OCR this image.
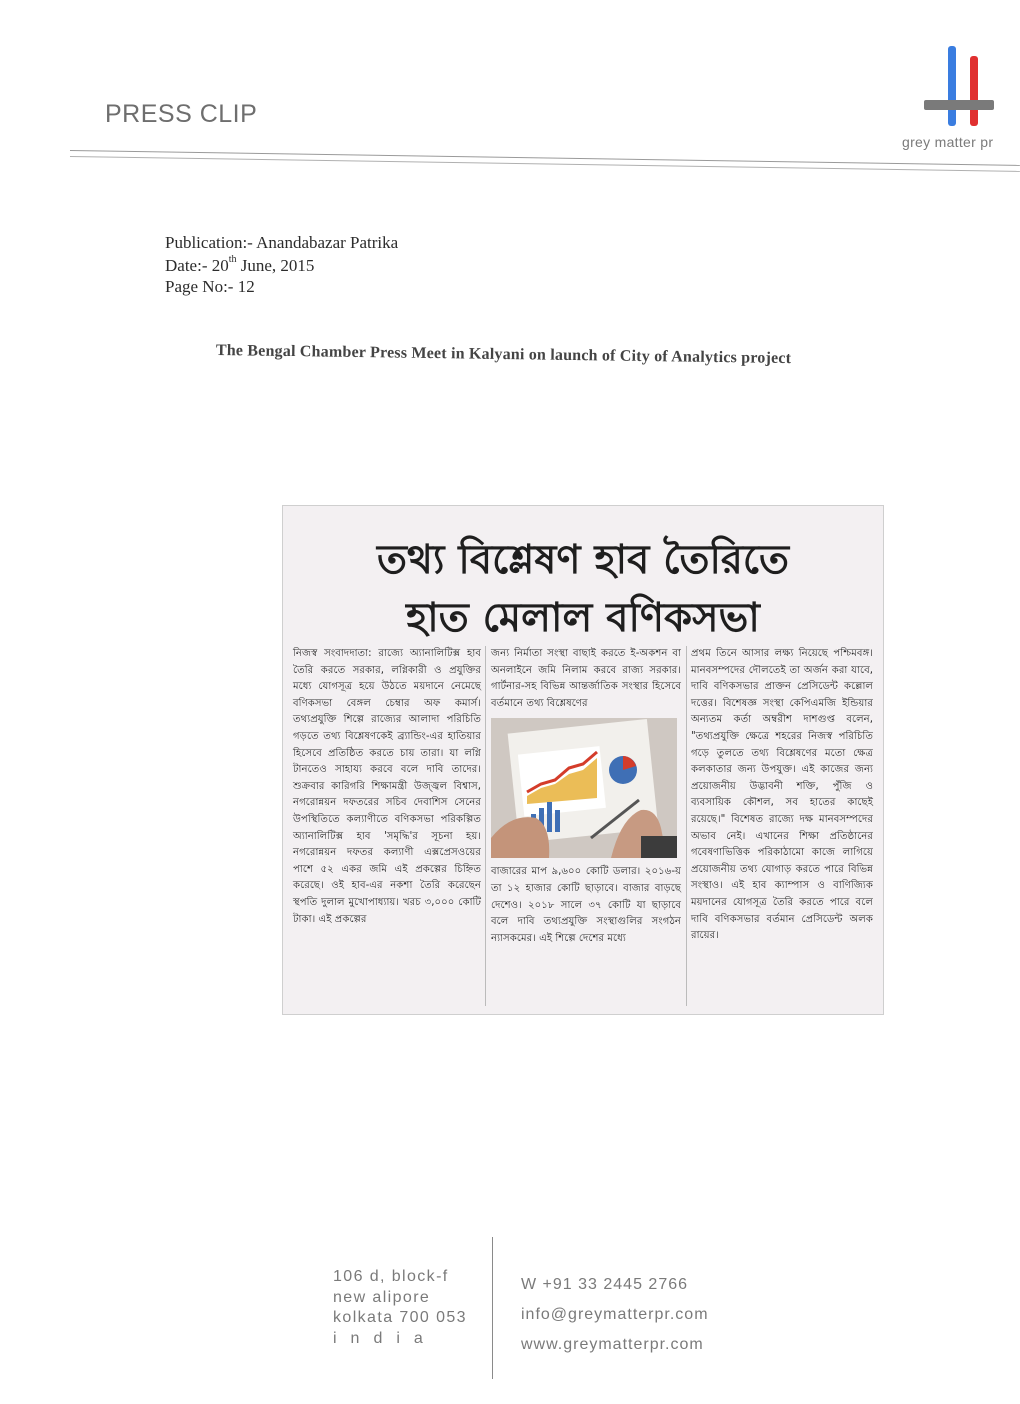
PRESS CLIP
grey matter pr
Publication:- Anandabazar Patrika
Date:- 20th June, 2015
Page No:- 12
The Bengal Chamber Press Meet in Kalyani on launch of City of Analytics project
তথ্য বিশ্লেষণ হাব তৈরিতে
হাত মেলাল বণিকসভা

নিজস্ব সংবাদদাতা: রাজ্যে অ্যানালিটিক্স হাব তৈরি করতে সরকার, লগ্নিকারী ও প্রযুক্তির মধ্যে যোগসূত্র হয়ে উঠতে ময়দানে নেমেছে বণিকসভা বেঙ্গল চেম্বার অফ কমার্স। তথ্যপ্রযুক্তি শিল্পে রাজ্যের আলাদা পরিচিতি গড়তে তথ্য বিশ্লেষণকেই ব্র্যান্ডিং-এর হাতিয়ার হিসেবে প্রতিষ্ঠিত করতে চায় তারা। যা লগ্নি টানতেও সাহায্য করবে বলে দাবি তাদের। শুক্রবার কারিগরি শিক্ষামন্ত্রী উজ্জ্বল বিশ্বাস, নগরোন্নয়ন দফতরের সচিব দেবাশিস সেনের উপস্থিতিতে কল্যাণীতে বণিকসভা পরিকল্পিত অ্যানালিটিক্স হাব 'সমৃদ্ধি'র সূচনা হয়। নগরোন্নয়ন দফতর কল্যাণী এক্সপ্রেসওয়ের পাশে ৫২ একর জমি এই প্রকল্পের চিহ্নিত করেছে। ওই হাব-এর নকশা তৈরি করেছেন স্থপতি দুলাল মুখোপাধ্যায়। খরচ ৩,০০০ কোটি টাকা। এই প্রকল্পের

জন্য নির্মাতা সংস্থা বাছাই করতে ই-অকশন বা অনলাইনে জমি নিলাম করবে রাজ্য সরকার। গার্টনার-সহ বিভিন্ন আন্তর্জাতিক সংস্থার হিসেবে বর্তমানে তথ্য বিশ্লেষণের

বাজারের মাপ ৯,৬০০ কোটি ডলার। ২০১৬-য় তা ১২ হাজার কোটি ছাড়াবে। বাজার বাড়ছে দেশেও। ২০১৮ সালে ৩৭ কোটি যা ছাড়াবে বলে দাবি তথ্যপ্রযুক্তি সংস্থাগুলির সংগঠন ন্যাসকমের। এই শিল্পে দেশের মধ্যে

প্রথম তিনে আসার লক্ষ্য নিয়েছে পশ্চিমবঙ্গ। মানবসম্পদের দৌলতেই তা অর্জন করা যাবে, দাবি বণিকসভার প্রাক্তন প্রেসিডেন্ট কল্লোল দত্তের। বিশেষজ্ঞ সংস্থা কেপিএমজি ইন্ডিয়ার অন্যতম কর্তা অম্বরীশ দাশগুপ্ত বলেন, "তথ্যপ্রযুক্তি ক্ষেত্রে শহরের নিজস্ব পরিচিতি গড়ে তুলতে তথ্য বিশ্লেষণের মতো ক্ষেত্র কলকাতার জন্য উপযুক্ত। এই কাজের জন্য প্রয়োজনীয় উদ্ভাবনী শক্তি, পুঁজি ও ব্যবসায়িক কৌশল, সব হাতের কাছেই রয়েছে।" বিশেষত রাজ্যে দক্ষ মানবসম্পদের অভাব নেই। এখানের শিক্ষা প্রতিষ্ঠানের গবেষণাভিত্তিক পরিকাঠামো কাজে লাগিয়ে প্রয়োজনীয় তথ্য যোগাড় করতে পারে বিভিন্ন সংস্থাও। এই হাব ক্যাম্পাস ও বাণিজ্যিক ময়দানের যোগসূত্র তৈরি করতে পারে বলে দাবি বণিকসভার বর্তমান প্রেসিডেন্ট অলক রায়ের।

106 d, block-f
new alipore
kolkata 700 053
india
W +91 33 2445 2766
info@greymatterpr.com
www.greymatterpr.com
